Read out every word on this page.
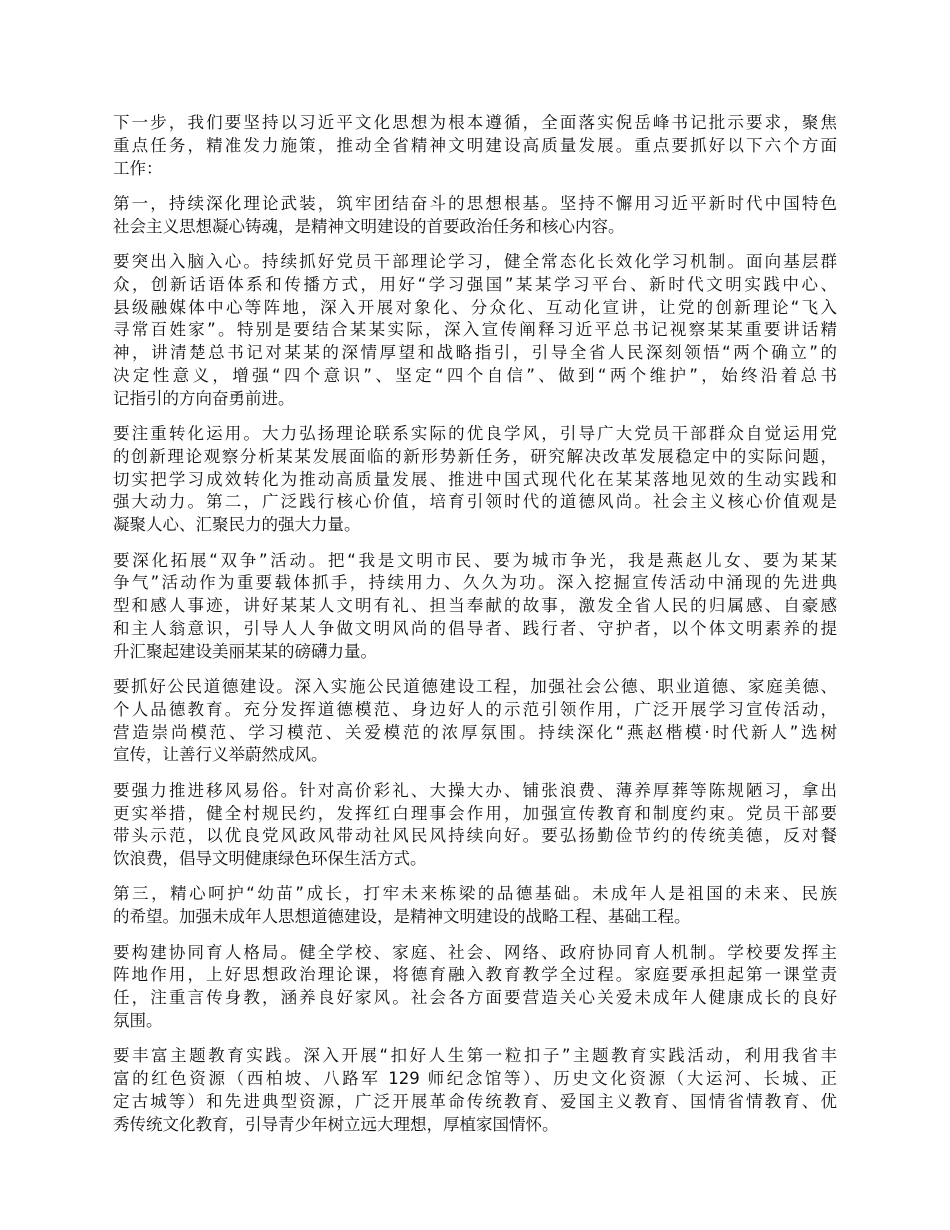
下一步，我们要坚持以习近平文化思想为根本遵循，全面落实倪岳峰书记批示要求，聚焦
重点任务，精准发力施策，推动全省精神文明建设高质量发展。重点要抓好以下六个方面
工作：
第一，持续深化理论武装，筑牢团结奋斗的思想根基。坚持不懈用习近平新时代中国特色
社会主义思想凝心铸魂，是精神文明建设的首要政治任务和核心内容。
要突出入脑入心。持续抓好党员干部理论学习，健全常态化长效化学习机制。面向基层群
众，创新话语体系和传播方式，用好“学习强国”某某学习平台、新时代文明实践中心、
县级融媒体中心等阵地，深入开展对象化、分众化、互动化宣讲，让党的创新理论“飞入
寻常百姓家”。特别是要结合某某实际，深入宣传阐释习近平总书记视察某某重要讲话精
神，讲清楚总书记对某某的深情厚望和战略指引，引导全省人民深刻领悟“两个确立”的
决定性意义，增强“四个意识”、坚定“四个自信”、做到“两个维护”，始终沿着总书
记指引的方向奋勇前进。
要注重转化运用。大力弘扬理论联系实际的优良学风，引导广大党员干部群众自觉运用党
的创新理论观察分析某某发展面临的新形势新任务，研究解决改革发展稳定中的实际问题，
切实把学习成效转化为推动高质量发展、推进中国式现代化在某某落地见效的生动实践和
强大动力。第二，广泛践行核心价值，培育引领时代的道德风尚。社会主义核心价值观是
凝聚人心、汇聚民力的强大力量。
要深化拓展“双争”活动。把“我是文明市民、要为城市争光，我是燕赵儿女、要为某某
争气”活动作为重要载体抓手，持续用力、久久为功。深入挖掘宣传活动中涌现的先进典
型和感人事迹，讲好某某人文明有礼、担当奉献的故事，激发全省人民的归属感、自豪感
和主人翁意识，引导人人争做文明风尚的倡导者、践行者、守护者，以个体文明素养的提
升汇聚起建设美丽某某的磅礴力量。
要抓好公民道德建设。深入实施公民道德建设工程，加强社会公德、职业道德、家庭美德、
个人品德教育。充分发挥道德模范、身边好人的示范引领作用，广泛开展学习宣传活动，
营造崇尚模范、学习模范、关爱模范的浓厚氛围。持续深化“燕赵楷模·时代新人”选树
宣传，让善行义举蔚然成风。
要强力推进移风易俗。针对高价彩礼、大操大办、铺张浪费、薄养厚葬等陈规陋习，拿出
更实举措，健全村规民约，发挥红白理事会作用，加强宣传教育和制度约束。党员干部要
带头示范，以优良党风政风带动社风民风持续向好。要弘扬勤俭节约的传统美德，反对餐
饮浪费，倡导文明健康绿色环保生活方式。
第三，精心呵护“幼苗”成长，打牢未来栋梁的品德基础。未成年人是祖国的未来、民族
的希望。加强未成年人思想道德建设，是精神文明建设的战略工程、基础工程。
要构建协同育人格局。健全学校、家庭、社会、网络、政府协同育人机制。学校要发挥主
阵地作用，上好思想政治理论课，将德育融入教育教学全过程。家庭要承担起第一课堂责
任，注重言传身教，涵养良好家风。社会各方面要营造关心关爱未成年人健康成长的良好
氛围。
要丰富主题教育实践。深入开展“扣好人生第一粒扣子”主题教育实践活动，利用我省丰
富的红色资源（西柏坡、八路军 129 师纪念馆等）、历史文化资源（大运河、长城、正
定古城等）和先进典型资源，广泛开展革命传统教育、爱国主义教育、国情省情教育、优
秀传统文化教育，引导青少年树立远大理想，厚植家国情怀。
